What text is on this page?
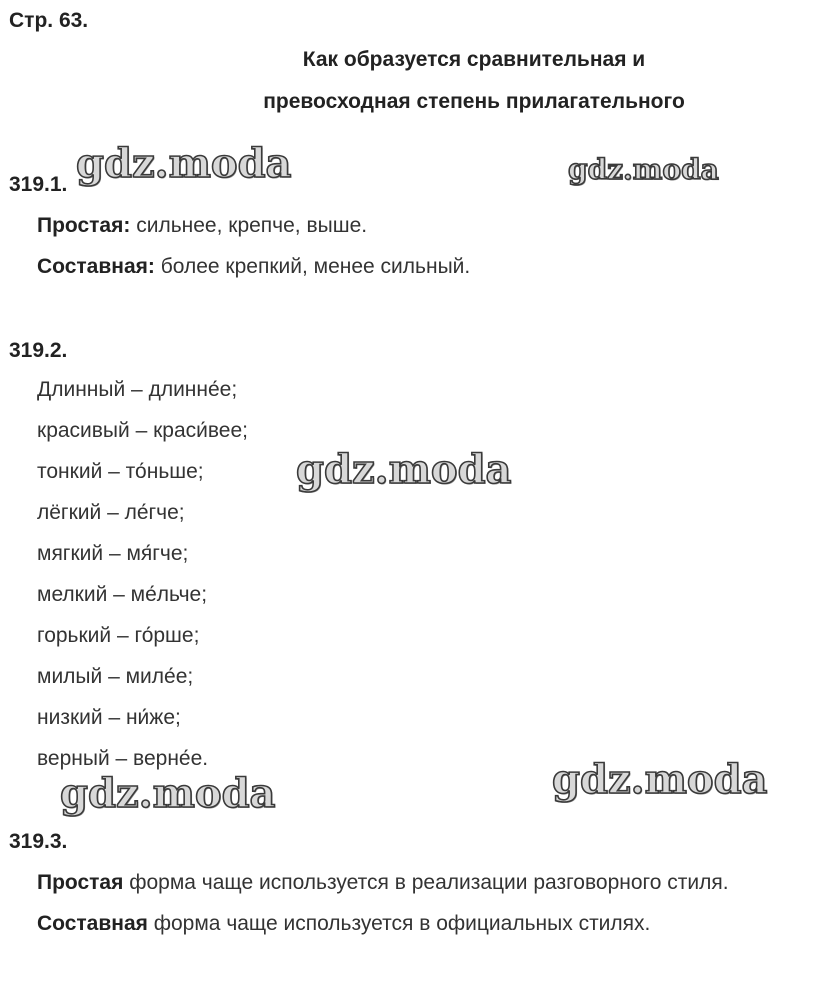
Стр. 63.
Как образуется сравнительная и
превосходная степень прилагательного
319.1.
Простая: сильнее, крепче, выше.
Составная: более крепкий, менее сильный.
319.2.
Длинный – длинне́е;
красивый – краси́вее;
тонкий – то́ньше;
лёгкий – ле́гче;
мягкий – мя́гче;
мелкий – ме́льче;
горький – го́рше;
милый – миле́е;
низкий – ни́же;
верный – верне́е.
319.3.
Простая форма чаще используется в реализации разговорного стиля.
Составная форма чаще используется в официальных стилях.
gdz.moda	gdz.moda
gdz.moda
gdz.moda
gdz.moda
